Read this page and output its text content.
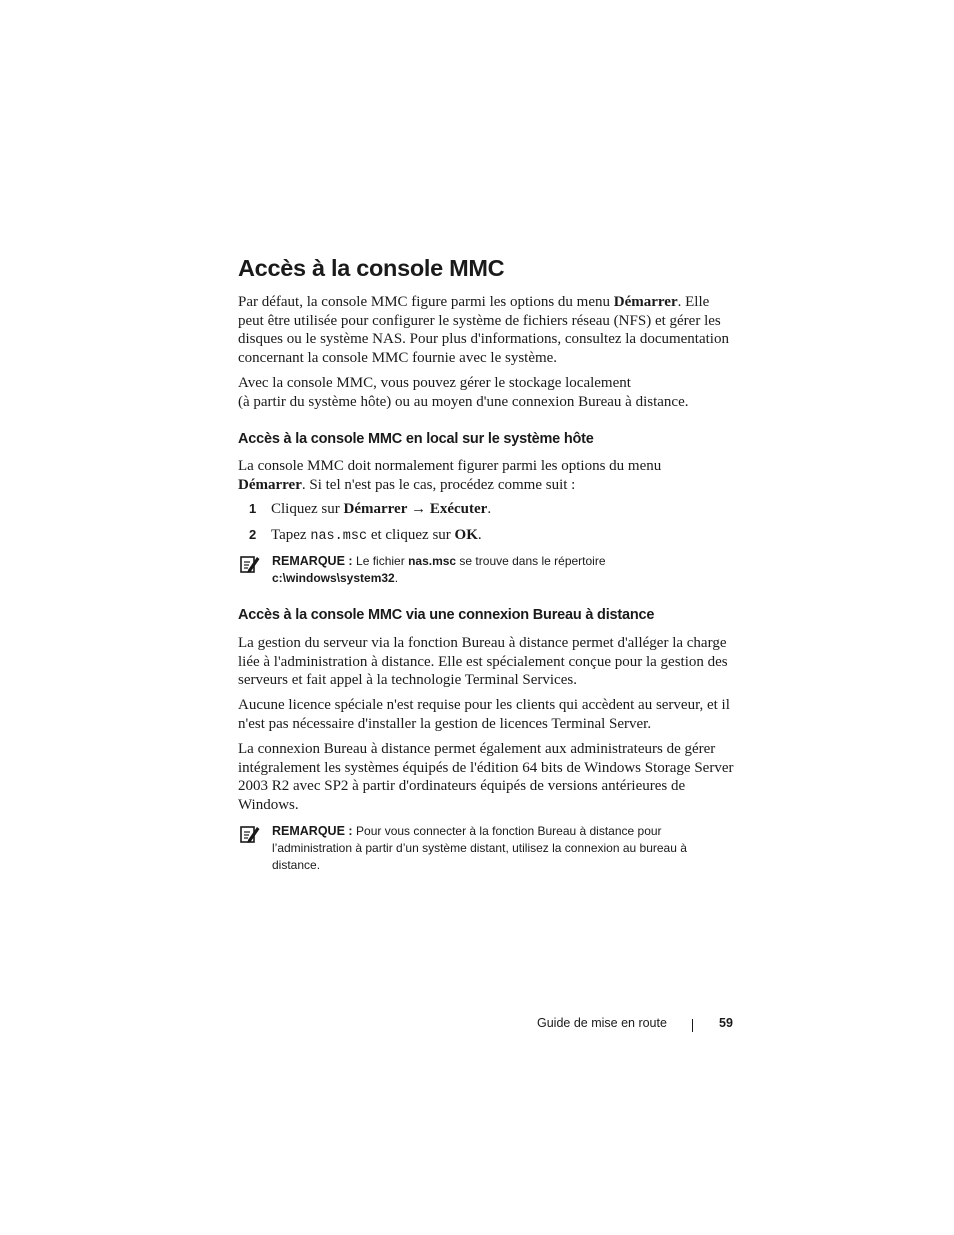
Accès à la console MMC

Par défaut, la console MMC figure parmi les options du menu Démarrer. Elle peut être utilisée pour configurer le système de fichiers réseau (NFS) et gérer les disques ou le système NAS. Pour plus d'informations, consultez la documentation concernant la console MMC fournie avec le système.

Avec la console MMC, vous pouvez gérer le stockage localement
(à partir du système hôte) ou au moyen d'une connexion Bureau à distance.

Accès à la console MMC en local sur le système hôte

La console MMC doit normalement figurer parmi les options du menu
Démarrer. Si tel n'est pas le cas, procédez comme suit :

1 Cliquez sur Démarrer → Exécuter.
2 Tapez nas.msc et cliquez sur OK.
REMARQUE : Le fichier nas.msc se trouve dans le répertoire
c:\windows\system32.
Accès à la console MMC via une connexion Bureau à distance

La gestion du serveur via la fonction Bureau à distance permet d'alléger la charge liée à l'administration à distance. Elle est spécialement conçue pour la gestion des serveurs et fait appel à la technologie Terminal Services.

Aucune licence spéciale n'est requise pour les clients qui accèdent au serveur, et il n'est pas nécessaire d'installer la gestion de licences Terminal Server.

La connexion Bureau à distance permet également aux administrateurs de gérer intégralement les systèmes équipés de l'édition 64 bits de Windows Storage Server 2003 R2 avec SP2 à partir d'ordinateurs équipés de versions antérieures de Windows.

REMARQUE : Pour vous connecter à la fonction Bureau à distance pour l’administration à partir d’un système distant, utilisez la connexion au bureau à distance.
Guide de mise en route	59
